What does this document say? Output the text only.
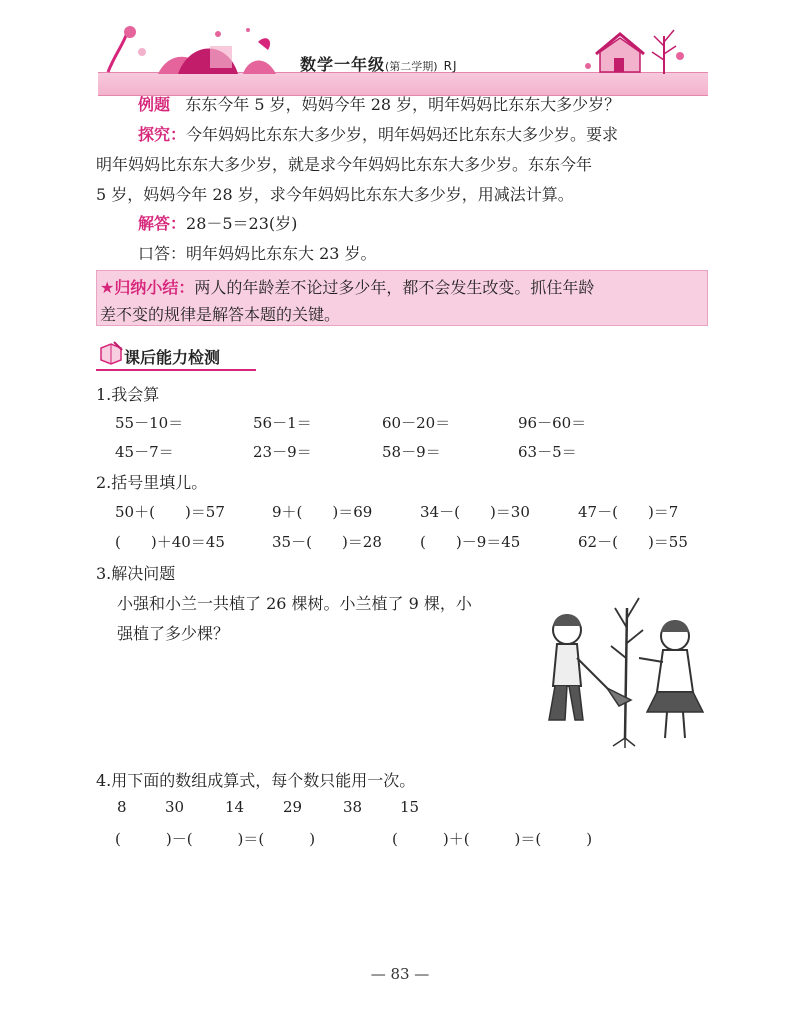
数学一年级(第二学期) RJ
例题 东东今年 5 岁，妈妈今年 28 岁，明年妈妈比东东大多少岁？
探究：今年妈妈比东东大多少岁，明年妈妈还比东东大多少岁。要求
明年妈妈比东东大多少岁，就是求今年妈妈比东东大多少岁。东东今年
5 岁，妈妈今年 28 岁，求今年妈妈比东东大多少岁，用减法计算。
解答：28－5＝23(岁)
口答：明年妈妈比东东大 23 岁。
★归纳小结：两人的年龄差不论过多少年，都不会发生改变。抓住年龄
差不变的规律是解答本题的关键。
课后能力检测
1.我会算
55－10＝	56－1＝	60－20＝	96－60＝
45－7＝	23－9＝	58－9＝	63－5＝
2.括号里填儿。
50＋(　　)＝57	9＋(　　)＝69	34－(　　)＝30	47－(　　)＝7
(　　)＋40＝45	35－(　　)＝28	(　　)－9＝45	62－(　　)＝55
3.解决问题
小强和小兰一共植了 26 棵树。小兰植了 9 棵，小
强植了多少棵？
4.用下面的数组成算式，每个数只能用一次。
8	30	14	29	38	15
(　　　)－(　　　)＝(　　　)	(　　　)＋(　　　)＝(　　　)
— 83 —
